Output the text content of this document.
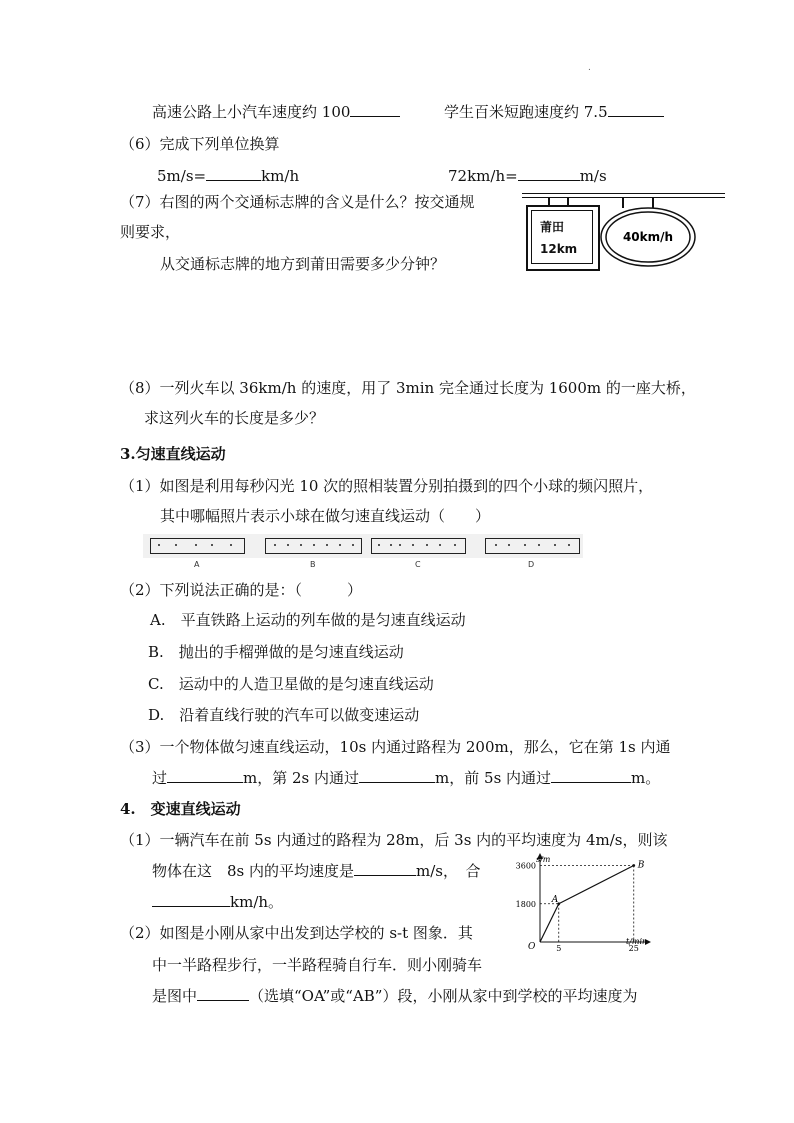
.
高速公路上小汽车速度约 100	学生百米短跑速度约 7.5
（6）完成下列单位换算
5m/s=	km/h	72km/h=	m/s
（7）右图的两个交通标志牌的含义是什么？按交通规
则要求，
从交通标志牌的地方到莆田需要多少分钟？
莆田
12km
40km/h
（8）一列火车以 36km/h 的速度，用了 3min 完全通过长度为 1600m 的一座大桥，
求这列火车的长度是多少？
3.匀速直线运动
（1）如图是利用每秒闪光 10 次的照相装置分别拍摄到的四个小球的频闪照片，
其中哪幅照片表示小球在做匀速直线运动（　　）
A	B	C	D
（2）下列说法正确的是：（　　　）
A.　平直铁路上运动的列车做的是匀速直线运动
B.　抛出的手榴弹做的是匀速直线运动
C.　运动中的人造卫星做的是匀速直线运动
D.　沿着直线行驶的汽车可以做变速运动
（3）一个物体做匀速直线运动，10s 内通过路程为 200m，那么，它在第 1s 内通
过	m，第 2s 内通过	m，前 5s 内通过	m。
4.　变速直线运动
（1）一辆汽车在前 5s 内通过的路程为 28m，后 3s 内的平均速度为 4m/s，则该
物体在这　8s 内的平均速度是	m/s，　合
km/h。
（2）如图是小刚从家中出发到达学校的 s-t 图象．其
中一半路程步行，一半路程骑自行车．则小刚骑车
是图中	（选填“OA”或“AB”）段，小刚从家中到学校的平均速度为
s/m
t/min
O
3600
1800
5	25
A
B
